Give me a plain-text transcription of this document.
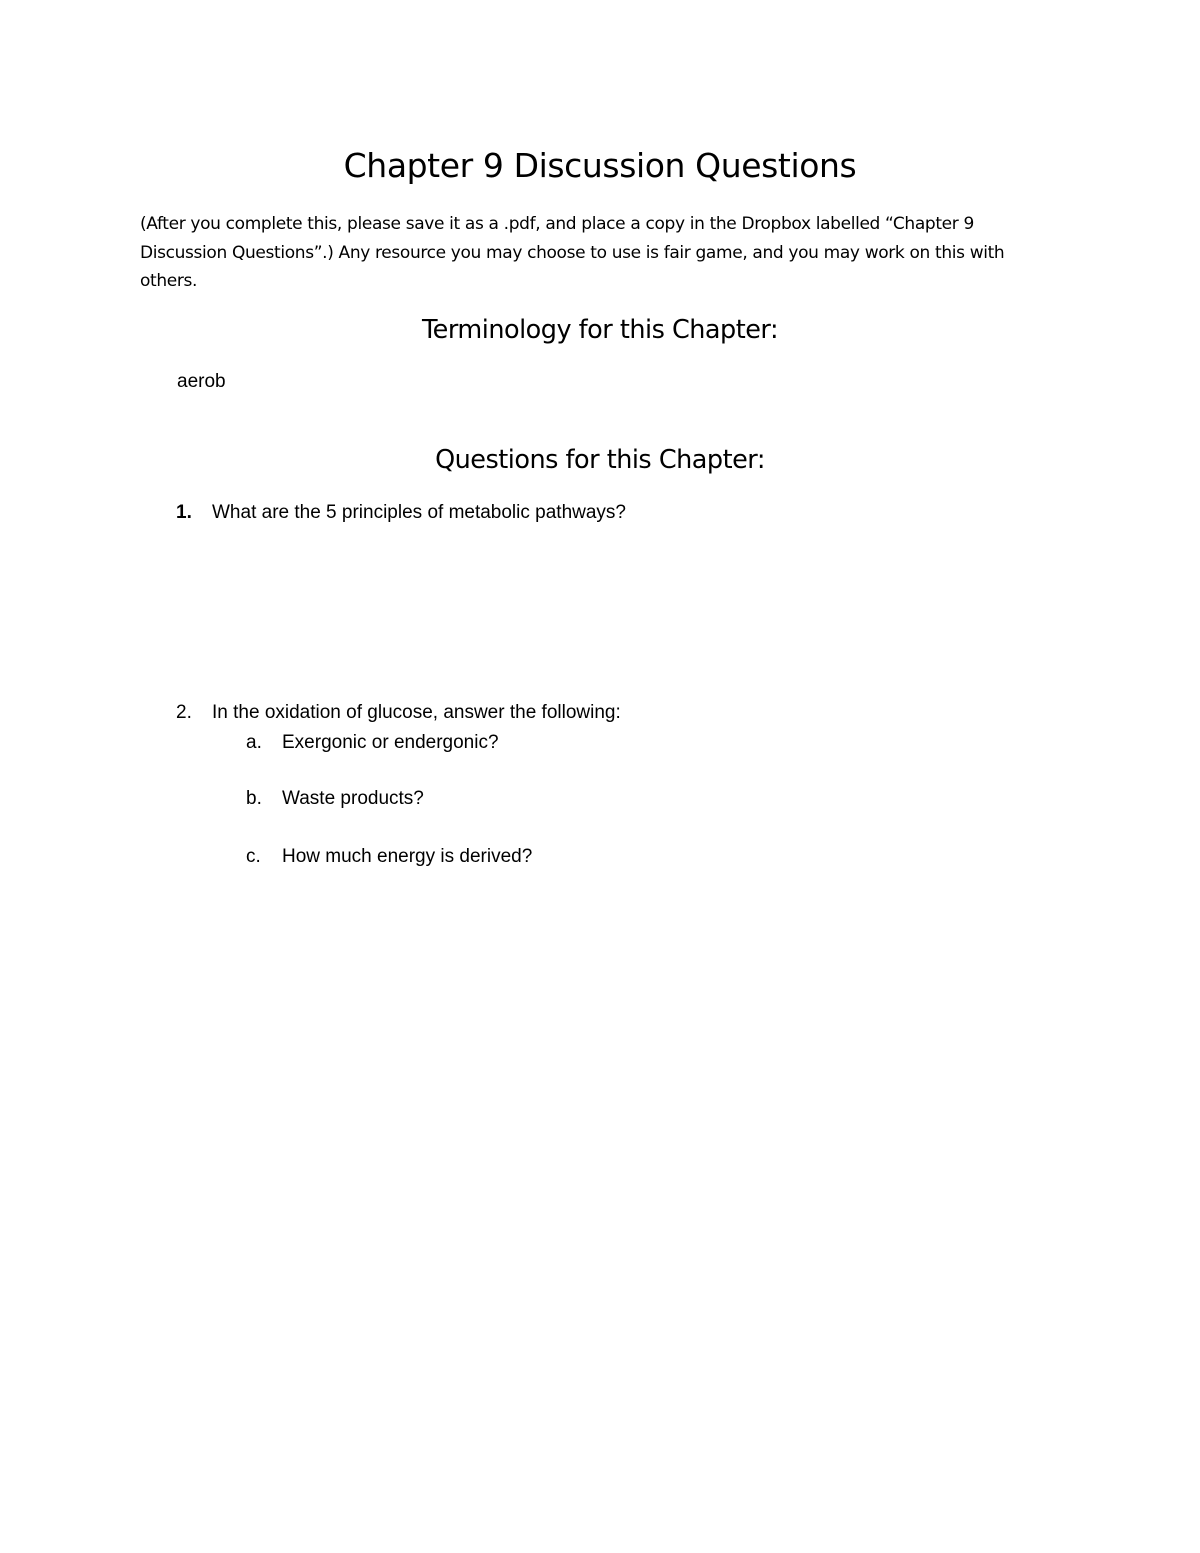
Chapter 9 Discussion Questions

(After you complete this, please save it as a .pdf, and place a copy in the Dropbox labelled “Chapter 9 Discussion Questions”.) Any resource you may choose to use is fair game, and you may work on this with others.

Terminology for this Chapter:
aerob
Questions for this Chapter:
1. What are the 5 principles of metabolic pathways?
2. In the oxidation of glucose, answer the following:
a. Exergonic or endergonic?
b. Waste products?
c. How much energy is derived?
